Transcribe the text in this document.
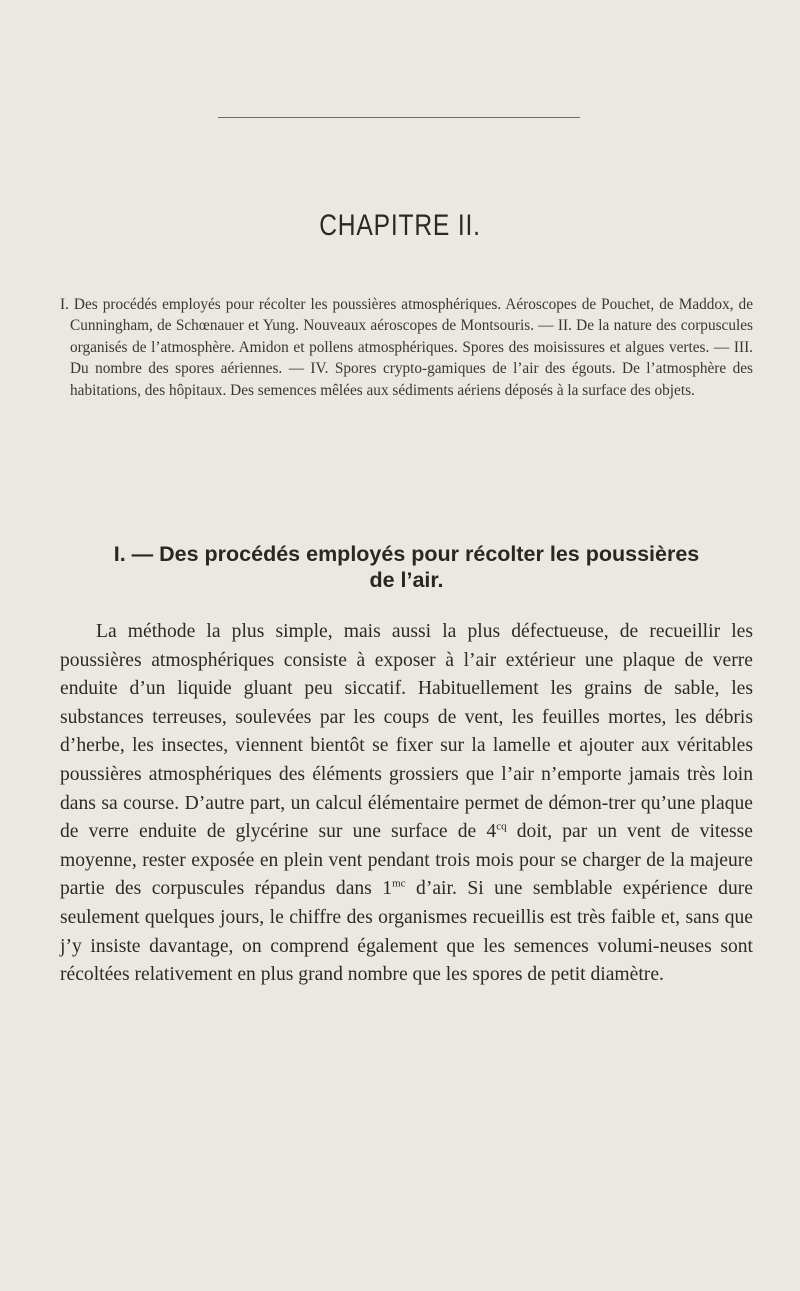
CHAPITRE II.
I. Des procédés employés pour récolter les poussières atmosphériques. Aéroscopes de Pouchet, de Maddox, de Cunningham, de Schœnauer et Yung. Nouveaux aéroscopes de Montsouris. — II. De la nature des corpuscules organisés de l’atmosphère. Amidon et pollens atmosphériques. Spores des moisissures et algues vertes. — III. Du nombre des spores aériennes. — IV. Spores crypto-gamiques de l’air des égouts. De l’atmosphère des habitations, des hôpitaux. Des semences mêlées aux sédiments aériens déposés à la surface des objets.
I. — Des procédés employés pour récolter les poussières
de l’air.
La méthode la plus simple, mais aussi la plus défectueuse, de recueillir les poussières atmosphériques consiste à exposer à l’air extérieur une plaque de verre enduite d’un liquide gluant peu siccatif. Habituellement les grains de sable, les substances terreuses, soulevées par les coups de vent, les feuilles mortes, les débris d’herbe, les insectes, viennent bientôt se fixer sur la lamelle et ajouter aux véritables poussières atmosphériques des éléments grossiers que l’air n’emporte jamais très loin dans sa course. D’autre part, un calcul élémentaire permet de démon-trer qu’une plaque de verre enduite de glycérine sur une surface de $4^{cq}$ doit, par un vent de vitesse moyenne, rester exposée en plein vent pendant trois mois pour se charger de la majeure partie des corpuscules répandus dans $1^{mc}$ d’air. Si une semblable expérience dure seulement quelques jours, le chiffre des organismes recueillis est très faible et, sans que j’y insiste davantage, on comprend également que les semences volumi-neuses sont récoltées relativement en plus grand nombre que les spores de petit diamètre.
